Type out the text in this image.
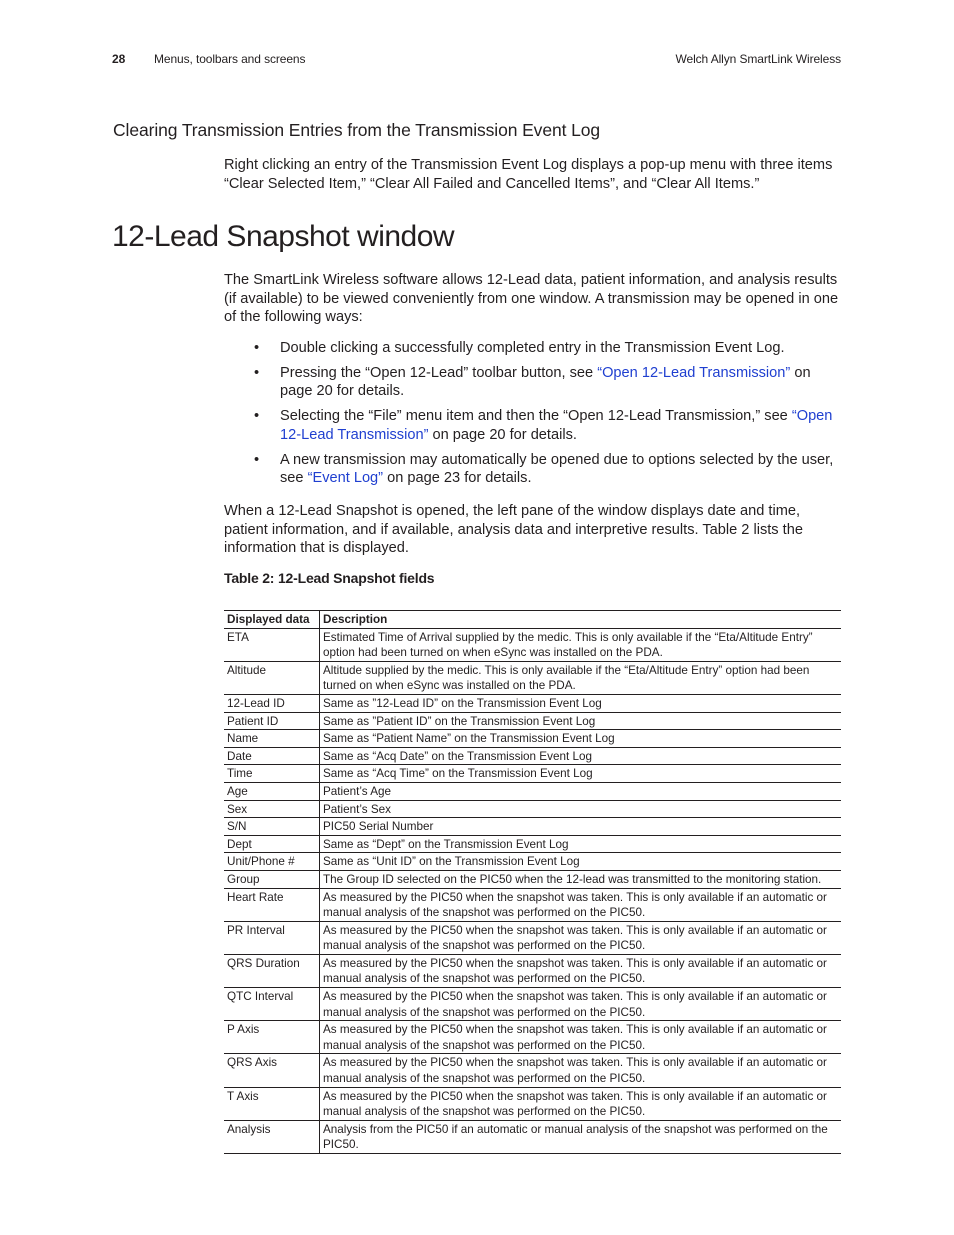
28 Menus, toolbars and screens	Welch Allyn SmartLink Wireless
Clearing Transmission Entries from the Transmission Event Log

Right clicking an entry of the Transmission Event Log displays a pop-up menu with three items “Clear Selected Item,” “Clear All Failed and Cancelled Items”, and “Clear All Items.”

12-Lead Snapshot window

The SmartLink Wireless software allows 12-Lead data, patient information, and analysis results (if available) to be viewed conveniently from one window. A transmission may be opened in one of the following ways:

• Double clicking a successfully completed entry in the Transmission Event Log.
• Pressing the “Open 12-Lead” toolbar button, see “Open 12-Lead Transmission” on page 20 for details.
• Selecting the “File” menu item and then the “Open 12-Lead Transmission,” see “Open 12-Lead Transmission” on page 20 for details.
• A new transmission may automatically be opened due to options selected by the user, see “Event Log” on page 23 for details.

When a 12-Lead Snapshot is opened, the left pane of the window displays date and time, patient information, and if available, analysis data and interpretive results. Table 2 lists the information that is displayed.

Table 2: 12-Lead Snapshot fields

Displayed data	Description
ETA	Estimated Time of Arrival supplied by the medic. This is only available if the “Eta/Altitude Entry” option had been turned on when eSync was installed on the PDA.
Altitude	Altitude supplied by the medic. This is only available if the “Eta/Altitude Entry” option had been turned on when eSync was installed on the PDA.
12-Lead ID	Same as ”12-Lead ID” on the Transmission Event Log
Patient ID	Same as ”Patient ID” on the Transmission Event Log
Name	Same as “Patient Name” on the Transmission Event Log
Date	Same as “Acq Date” on the Transmission Event Log
Time	Same as “Acq Time” on the Transmission Event Log
Age	Patient’s Age
Sex	Patient’s Sex
S/N	PIC50 Serial Number
Dept	Same as “Dept” on the Transmission Event Log
Unit/Phone #	Same as “Unit ID” on the Transmission Event Log
Group	The Group ID selected on the PIC50 when the 12-lead was transmitted to the monitoring station.
Heart Rate	As measured by the PIC50 when the snapshot was taken. This is only available if an automatic or manual analysis of the snapshot was performed on the PIC50.
PR Interval	As measured by the PIC50 when the snapshot was taken. This is only available if an automatic or manual analysis of the snapshot was performed on the PIC50.
QRS Duration	As measured by the PIC50 when the snapshot was taken. This is only available if an automatic or manual analysis of the snapshot was performed on the PIC50.
QTC Interval	As measured by the PIC50 when the snapshot was taken. This is only available if an automatic or manual analysis of the snapshot was performed on the PIC50.
P Axis	As measured by the PIC50 when the snapshot was taken. This is only available if an automatic or manual analysis of the snapshot was performed on the PIC50.
QRS Axis	As measured by the PIC50 when the snapshot was taken. This is only available if an automatic or manual analysis of the snapshot was performed on the PIC50.
T Axis	As measured by the PIC50 when the snapshot was taken. This is only available if an automatic or manual analysis of the snapshot was performed on the PIC50.
Analysis	Analysis from the PIC50 if an automatic or manual analysis of the snapshot was performed on the PIC50.
